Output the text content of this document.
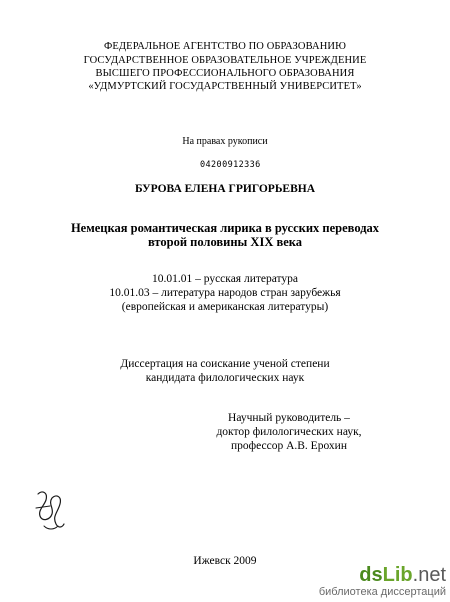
ФЕДЕРАЛЬНОЕ АГЕНТСТВО ПО ОБРАЗОВАНИЮ
ГОСУДАРСТВЕННОЕ ОБРАЗОВАТЕЛЬНОЕ УЧРЕЖДЕНИЕ
ВЫСШЕГО ПРОФЕССИОНАЛЬНОГО ОБРАЗОВАНИЯ
«УДМУРТСКИЙ ГОСУДАРСТВЕННЫЙ УНИВЕРСИТЕТ»
На правах рукописи
04200912336
БУРОВА ЕЛЕНА ГРИГОРЬЕВНА
Немецкая романтическая лирика в русских переводах
второй половины XIX века
10.01.01 – русская литература
10.01.03 – литература народов стран зарубежья
(европейская и американская литературы)
Диссертация на соискание ученой степени
кандидата филологических наук
Научный руководитель –
доктор филологических наук,
профессор А.В. Ерохин
Ижевск 2009
dsLib.net
библиотека диссертаций
